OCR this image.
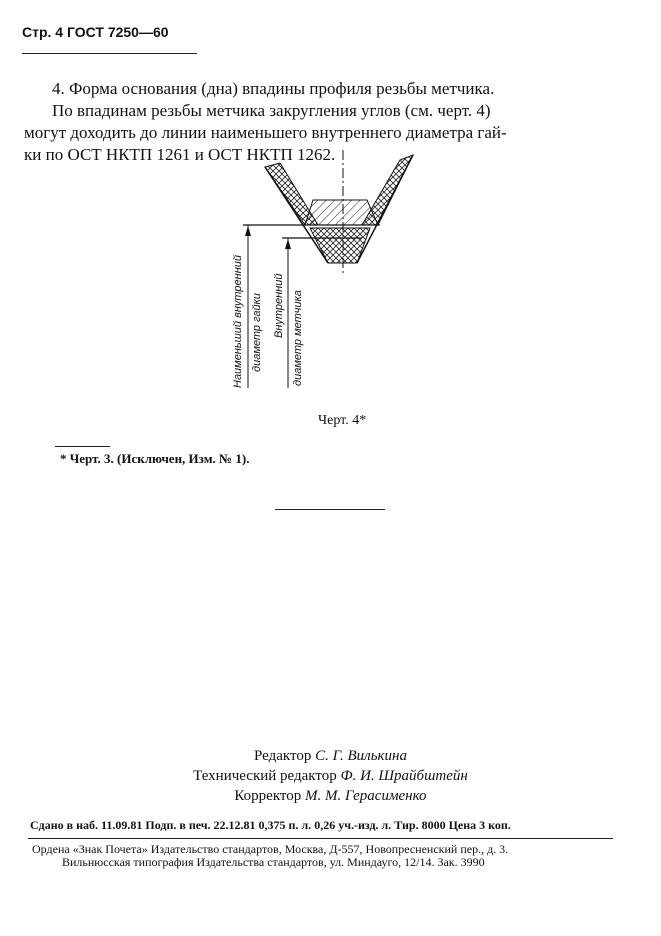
Стр. 4 ГОСТ 7250—60
4. Форма основания (дна) впадины профиля резьбы метчика.
По впадинам резьбы метчика закругления углов (см. черт. 4)
могут доходить до линии наименьшего внутреннего диаметра гай-
ки по ОСТ НКТП 1261 и ОСТ НКТП 1262.
Наименьший внутренний диаметр гайки Внутренний диаметр метчика
Черт. 4*
* Черт. 3. (Исключен, Изм. № 1).
Редактор С. Г. Вилькина
Технический редактор Ф. И. Шрайбштейн
Корректор М. М. Герасименко
Сдано в наб. 11.09.81 Подп. в печ. 22.12.81 0,375 п. л. 0,26 уч.-изд. л. Тир. 8000 Цена 3 коп.
Ордена «Знак Почета» Издательство стандартов, Москва, Д-557, Новопресненский пер., д. 3.
Вильнюсская типография Издательства стандартов, ул. Миндауго, 12/14. Зак. 3990
